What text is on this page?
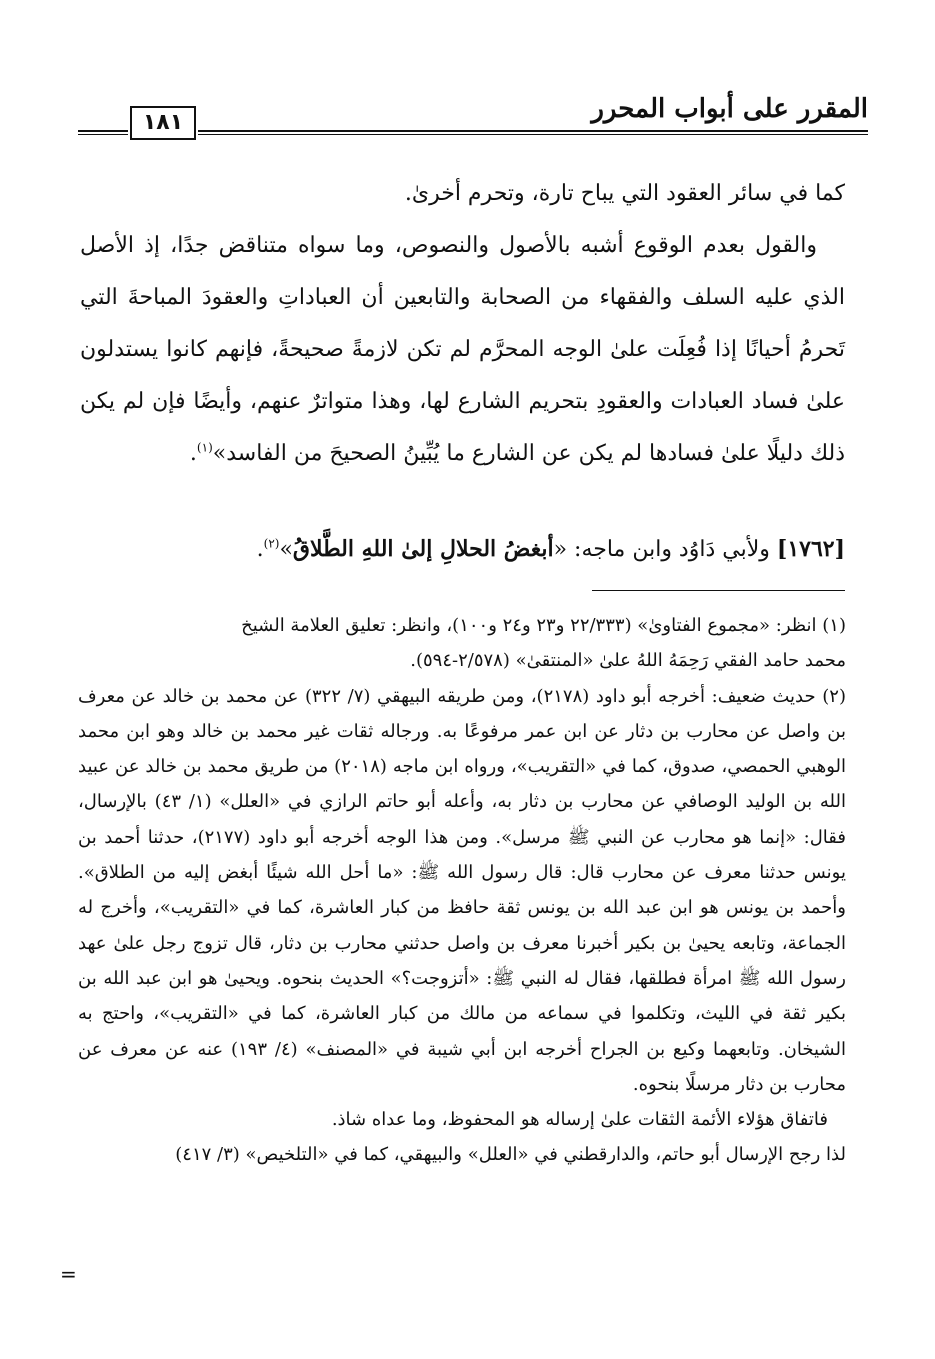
المقرر على أبواب المحرر
١٨١

كما في سائر العقود التي يباح تارة، وتحرم أخرىٰ.

والقول بعدم الوقوع أشبه بالأصول والنصوص، وما سواه متناقض جدًا، إذ الأصل الذي عليه السلف والفقهاء من الصحابة والتابعين أن العباداتِ والعقودَ المباحةَ التي تَحرمُ أحيانًا إذا فُعِلَت علىٰ الوجه المحرَّم لم تكن لازمةً صحيحةً، فإنهم كانوا يستدلون علىٰ فساد العبادات والعقودِ بتحريم الشارع لها، وهذا متواترٌ عنهم، وأيضًا فإن لم يكن ذلك دليلًا علىٰ فسادها لم يكن عن الشارع ما يُبِّينُ الصحيحَ من الفاسد»$^{(١)}$.

[١٧٦٢] ولأبي دَاوُد وابن ماجه: «أبغضُ الحلالِ إلىٰ اللهِ الطَّلاقُ»$^{(٢)}$.

(١) انظر: «مجموع الفتاوىٰ» (٢٢/٣٣٣ و٢٣ و٢٤ و١٠٠)، وانظر: تعليق العلامة الشيخ

محمد حامد الفقي رَحِمَهُ اللهُ علىٰ «المنتقىٰ» (٢/٥٧٨-٥٩٤).

(٢) حديث ضعيف: أخرجه أبو داود (٢١٧٨)، ومن طريقه البيهقي (٧/ ٣٢٢) عن محمد بن خالد عن معرف بن واصل عن محارب بن دثار عن ابن عمر مرفوعًا به. ورجاله ثقات غير محمد بن خالد وهو ابن محمد الوهبي الحمصي، صدوق، كما في «التقريب»، ورواه ابن ماجه (٢٠١٨) من طريق محمد بن خالد عن عبيد الله بن الوليد الوصافي عن محارب بن دثار به، وأعله أبو حاتم الرازي في «العلل» (١/ ٤٣) بالإرسال، فقال: «إنما هو محارب عن النبي ﷺ مرسل». ومن هذا الوجه أخرجه أبو داود (٢١٧٧)، حدثنا أحمد بن يونس حدثنا معرف عن محارب قال: قال رسول الله ﷺ: «ما أحل الله شيئًا أبغض إليه من الطلاق». وأحمد بن يونس هو ابن عبد الله بن يونس ثقة حافظ من كبار العاشرة، كما في «التقريب»، وأخرج له الجماعة، وتابعه يحيىٰ بن بكير أخبرنا معرف بن واصل حدثني محارب بن دثار، قال تزوج رجل علىٰ عهد رسول الله ﷺ امرأة فطلقها، فقال له النبي ﷺ: «أتزوجت؟» الحديث بنحوه. ويحيىٰ هو ابن عبد الله بن بكير ثقة في الليث، وتكلموا في سماعه من مالك من كبار العاشرة، كما في «التقريب»، واحتج به الشيخان. وتابعهما وكيع بن الجراح أخرجه ابن أبي شيبة في «المصنف» (٤/ ١٩٣) عنه عن معرف عن محارب بن دثار مرسلًا بنحوه.

فاتفاق هؤلاء الأئمة الثقات علىٰ إرساله هو المحفوظ، وما عداه شاذ.

لذا رجح الإرسال أبو حاتم، والدارقطني في «العلل» والبيهقي، كما في «التلخيص» (٣/ ٤١٧)

=
